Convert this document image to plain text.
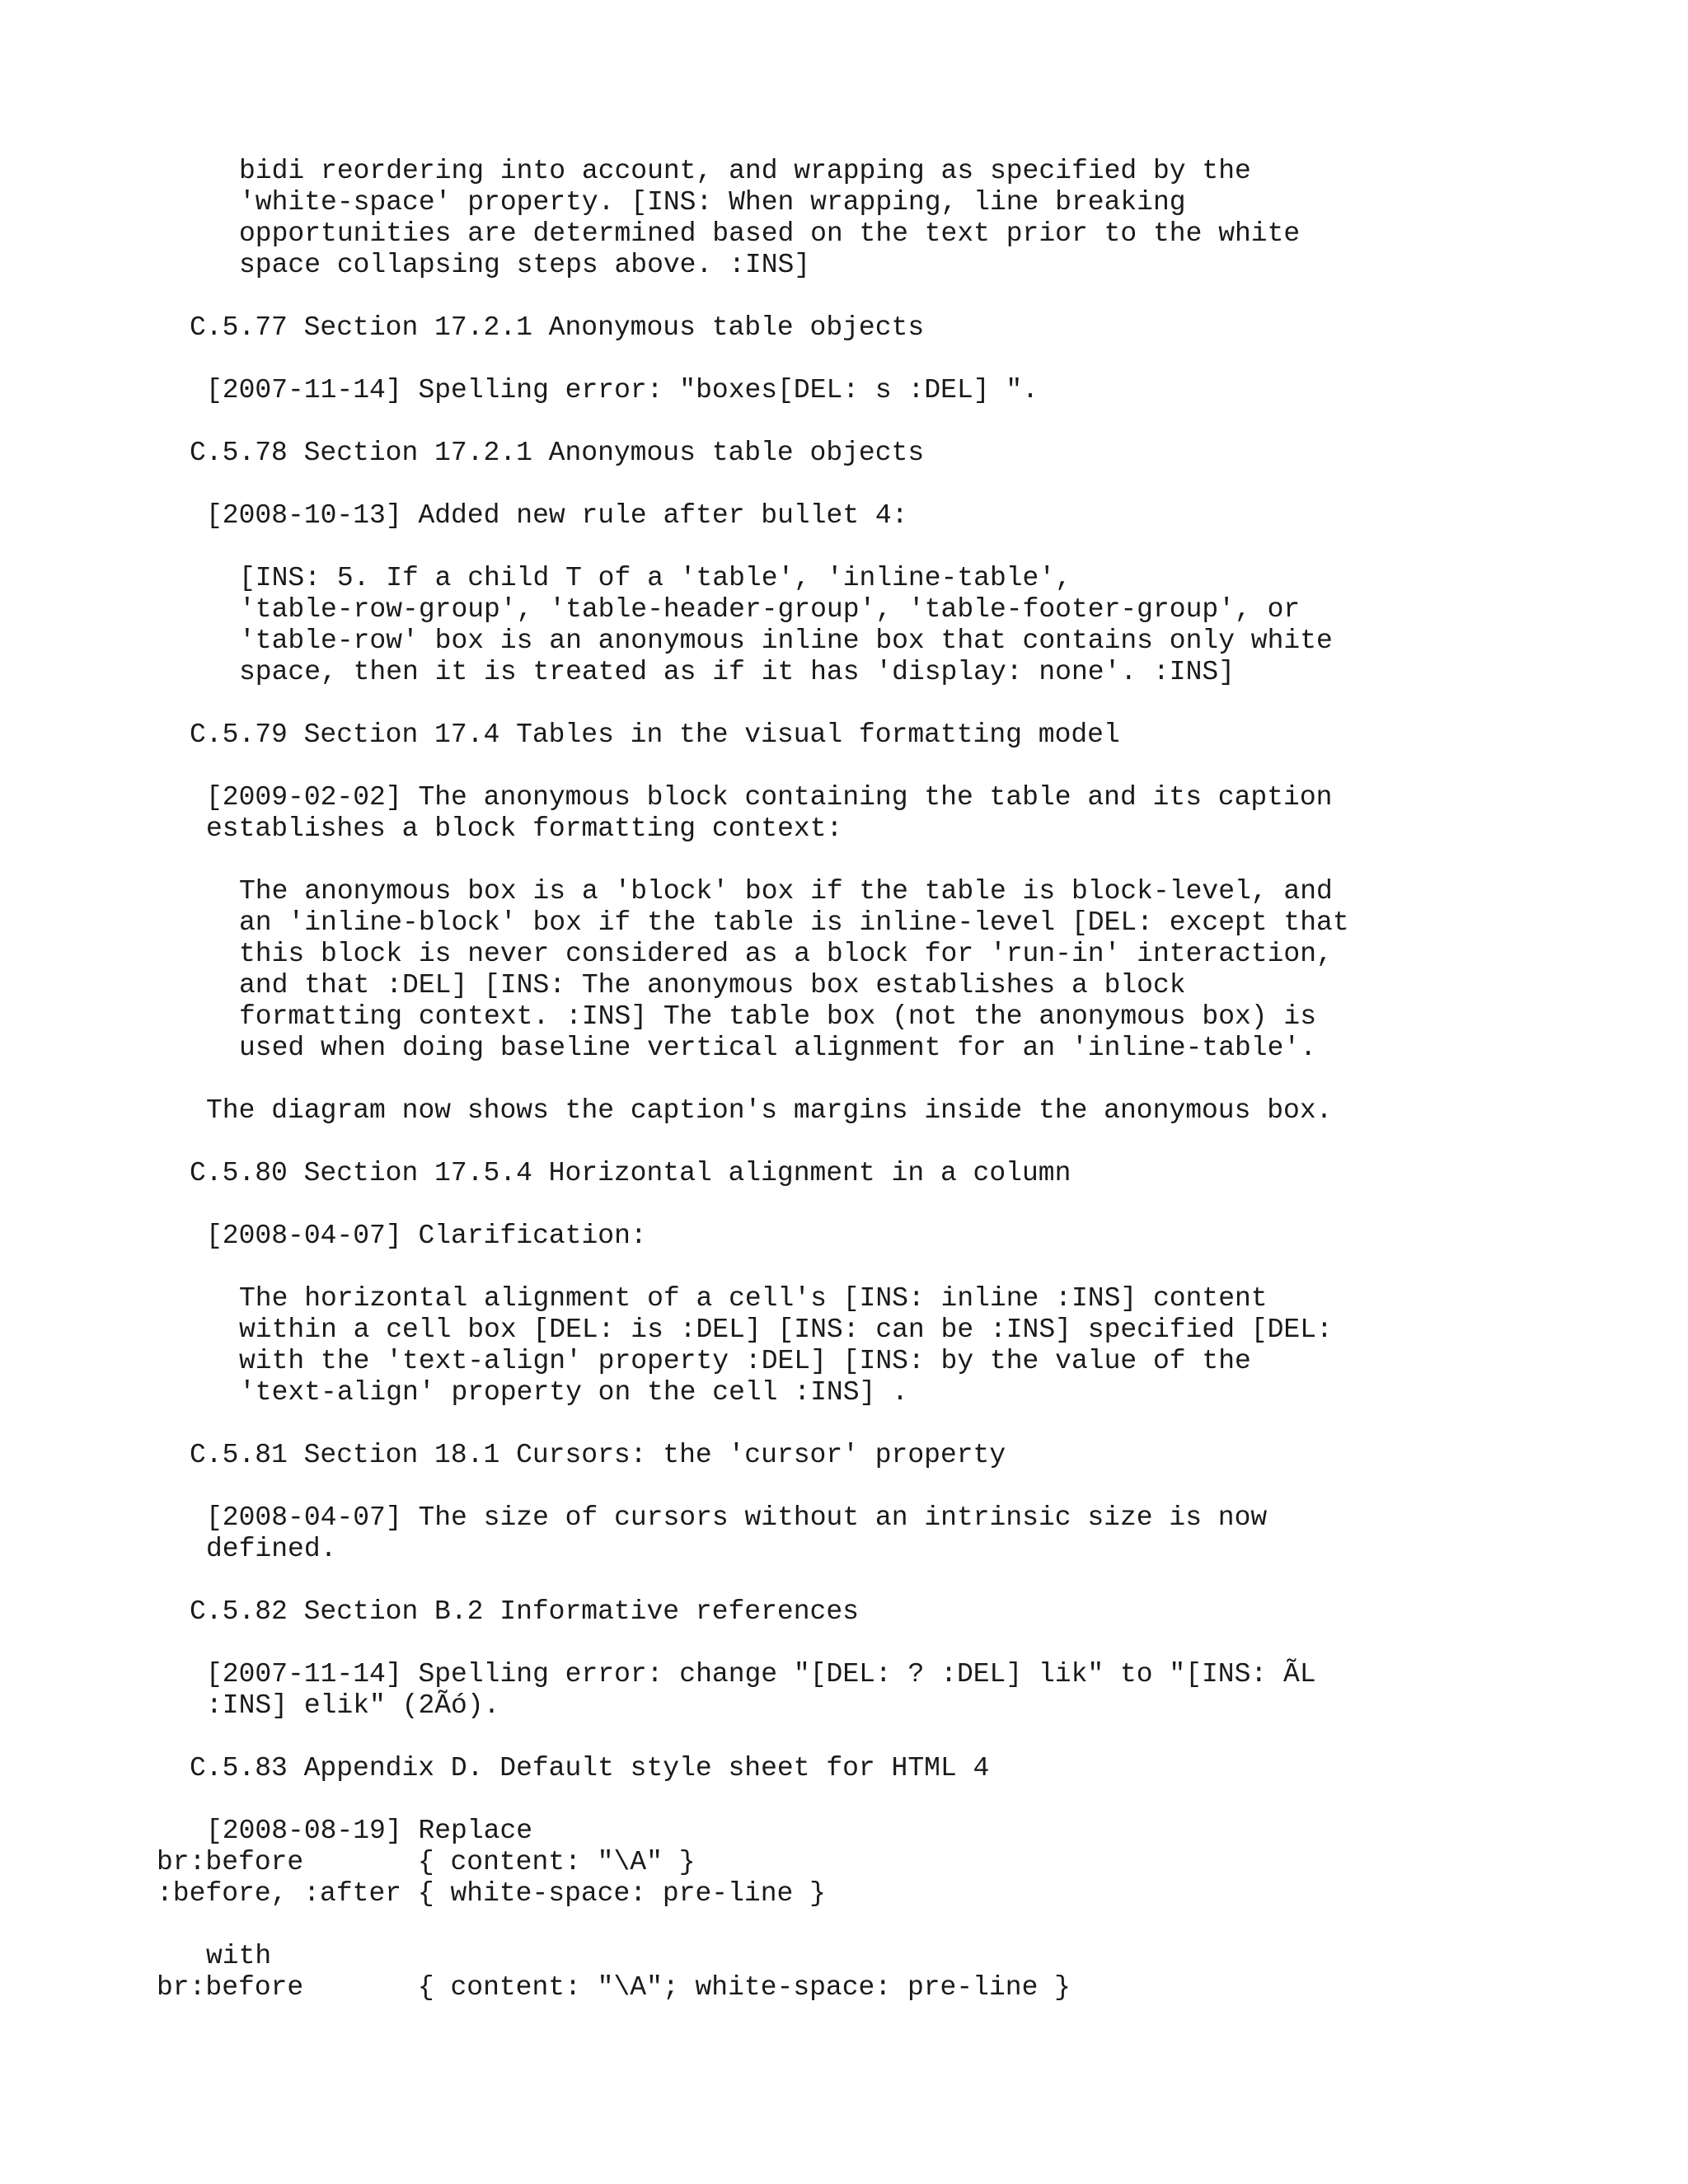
bidi reordering into account, and wrapping as specified by the
'white-space' property. [INS: When wrapping, line breaking
opportunities are determined based on the text prior to the white
space collapsing steps above. :INS]
C.5.77 Section 17.2.1 Anonymous table objects
[2007-11-14] Spelling error: "boxes[DEL: s :DEL] ".
C.5.78 Section 17.2.1 Anonymous table objects
[2008-10-13] Added new rule after bullet 4:
[INS: 5. If a child T of a 'table', 'inline-table',
'table-row-group', 'table-header-group', 'table-footer-group', or
'table-row' box is an anonymous inline box that contains only white
space, then it is treated as if it has 'display: none'. :INS]
C.5.79 Section 17.4 Tables in the visual formatting model
[2009-02-02] The anonymous block containing the table and its caption
establishes a block formatting context:
The anonymous box is a 'block' box if the table is block-level, and
an 'inline-block' box if the table is inline-level [DEL: except that
this block is never considered as a block for 'run-in' interaction,
and that :DEL] [INS: The anonymous box establishes a block
formatting context. :INS] The table box (not the anonymous box) is
used when doing baseline vertical alignment for an 'inline-table'.
The diagram now shows the caption's margins inside the anonymous box.
C.5.80 Section 17.5.4 Horizontal alignment in a column
[2008-04-07] Clarification:
The horizontal alignment of a cell's [INS: inline :INS] content
within a cell box [DEL: is :DEL] [INS: can be :INS] specified [DEL:
with the 'text-align' property :DEL] [INS: by the value of the
'text-align' property on the cell :INS] .
C.5.81 Section 18.1 Cursors: the 'cursor' property
[2008-04-07] The size of cursors without an intrinsic size is now
defined.
C.5.82 Section B.2 Informative references
[2007-11-14] Spelling error: change "[DEL: ? :DEL] lik" to "[INS: ÃL
:INS] elik" (2Ãó).
C.5.83 Appendix D. Default style sheet for HTML 4
[2008-08-19] Replace
br:before       { content: "\A" }
:before, :after { white-space: pre-line }
with
br:before       { content: "\A"; white-space: pre-line }
